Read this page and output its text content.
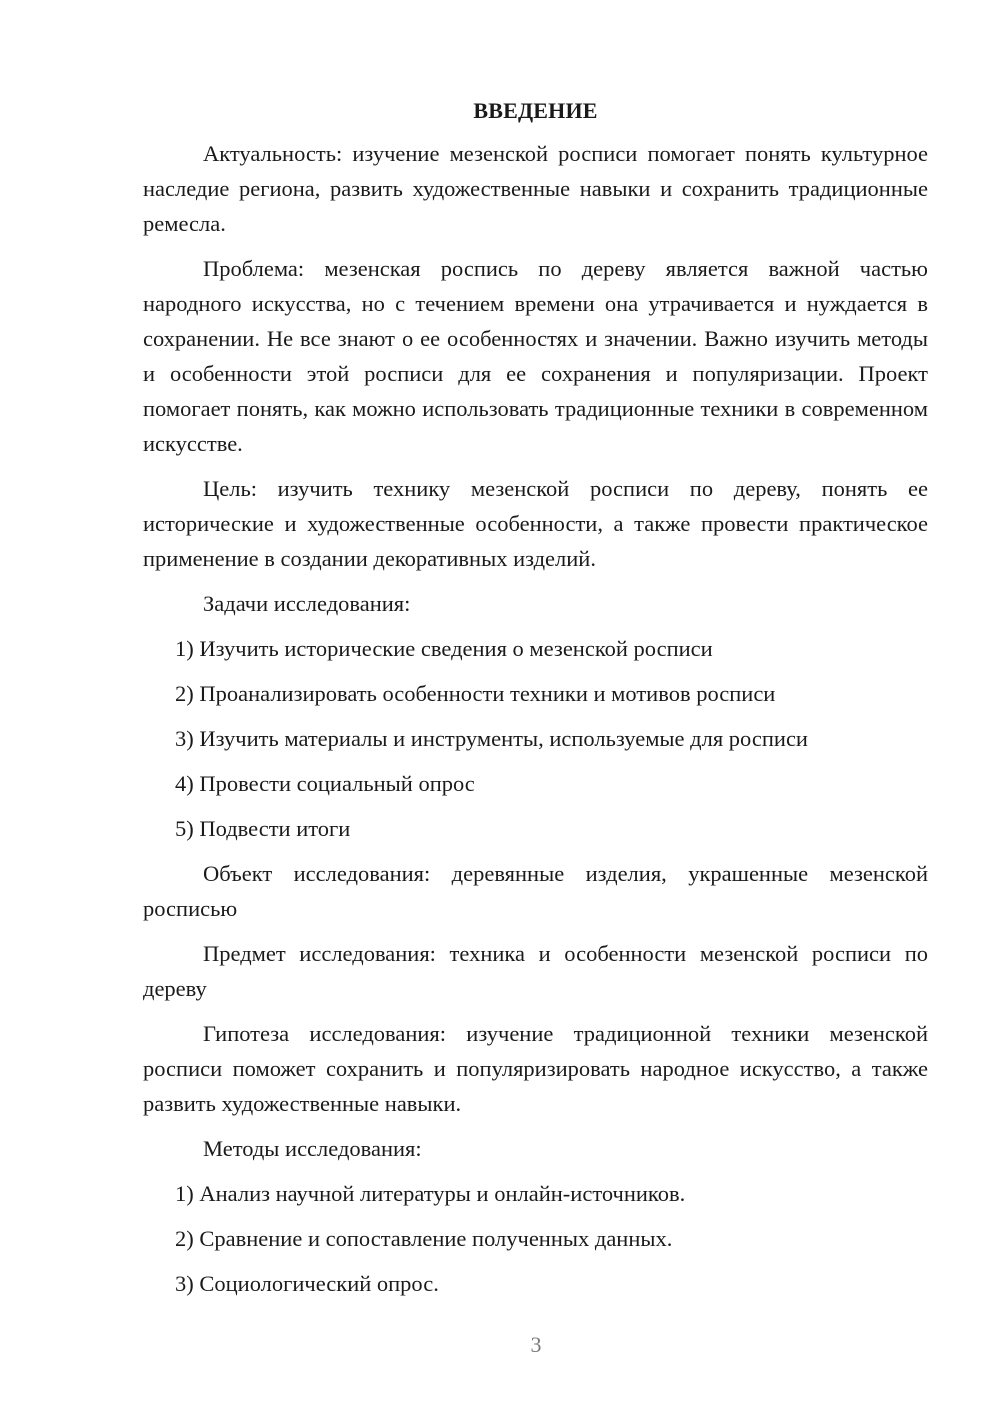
ВВЕДЕНИЕ

Актуальность: изучение мезенской росписи помогает понять культурное наследие региона, развить художественные навыки и сохранить традиционные ремесла.

Проблема: мезенская роспись по дереву является важной частью народного искусства, но с течением времени она утрачивается и нуждается в сохранении. Не все знают о ее особенностях и значении. Важно изучить методы и особенности этой росписи для ее сохранения и популяризации. Проект помогает понять, как можно использовать традиционные техники в современном искусстве.

Цель: изучить технику мезенской росписи по дереву, понять ее исторические и художественные особенности, а также провести практическое применение в создании декоративных изделий.

Задачи исследования:

1) Изучить исторические сведения о мезенской росписи

2) Проанализировать особенности техники и мотивов росписи

3) Изучить материалы и инструменты, используемые для росписи

4) Провести социальный опрос

5) Подвести итоги

Объект исследования: деревянные изделия, украшенные мезенской росписью

Предмет исследования: техника и особенности мезенской росписи по дереву

Гипотеза исследования: изучение традиционной техники мезенской росписи поможет сохранить и популяризировать народное искусство, а также развить художественные навыки.

Методы исследования:

1) Анализ научной литературы и онлайн-источников.

2) Сравнение и сопоставление полученных данных.

3) Социологический опрос.

3
